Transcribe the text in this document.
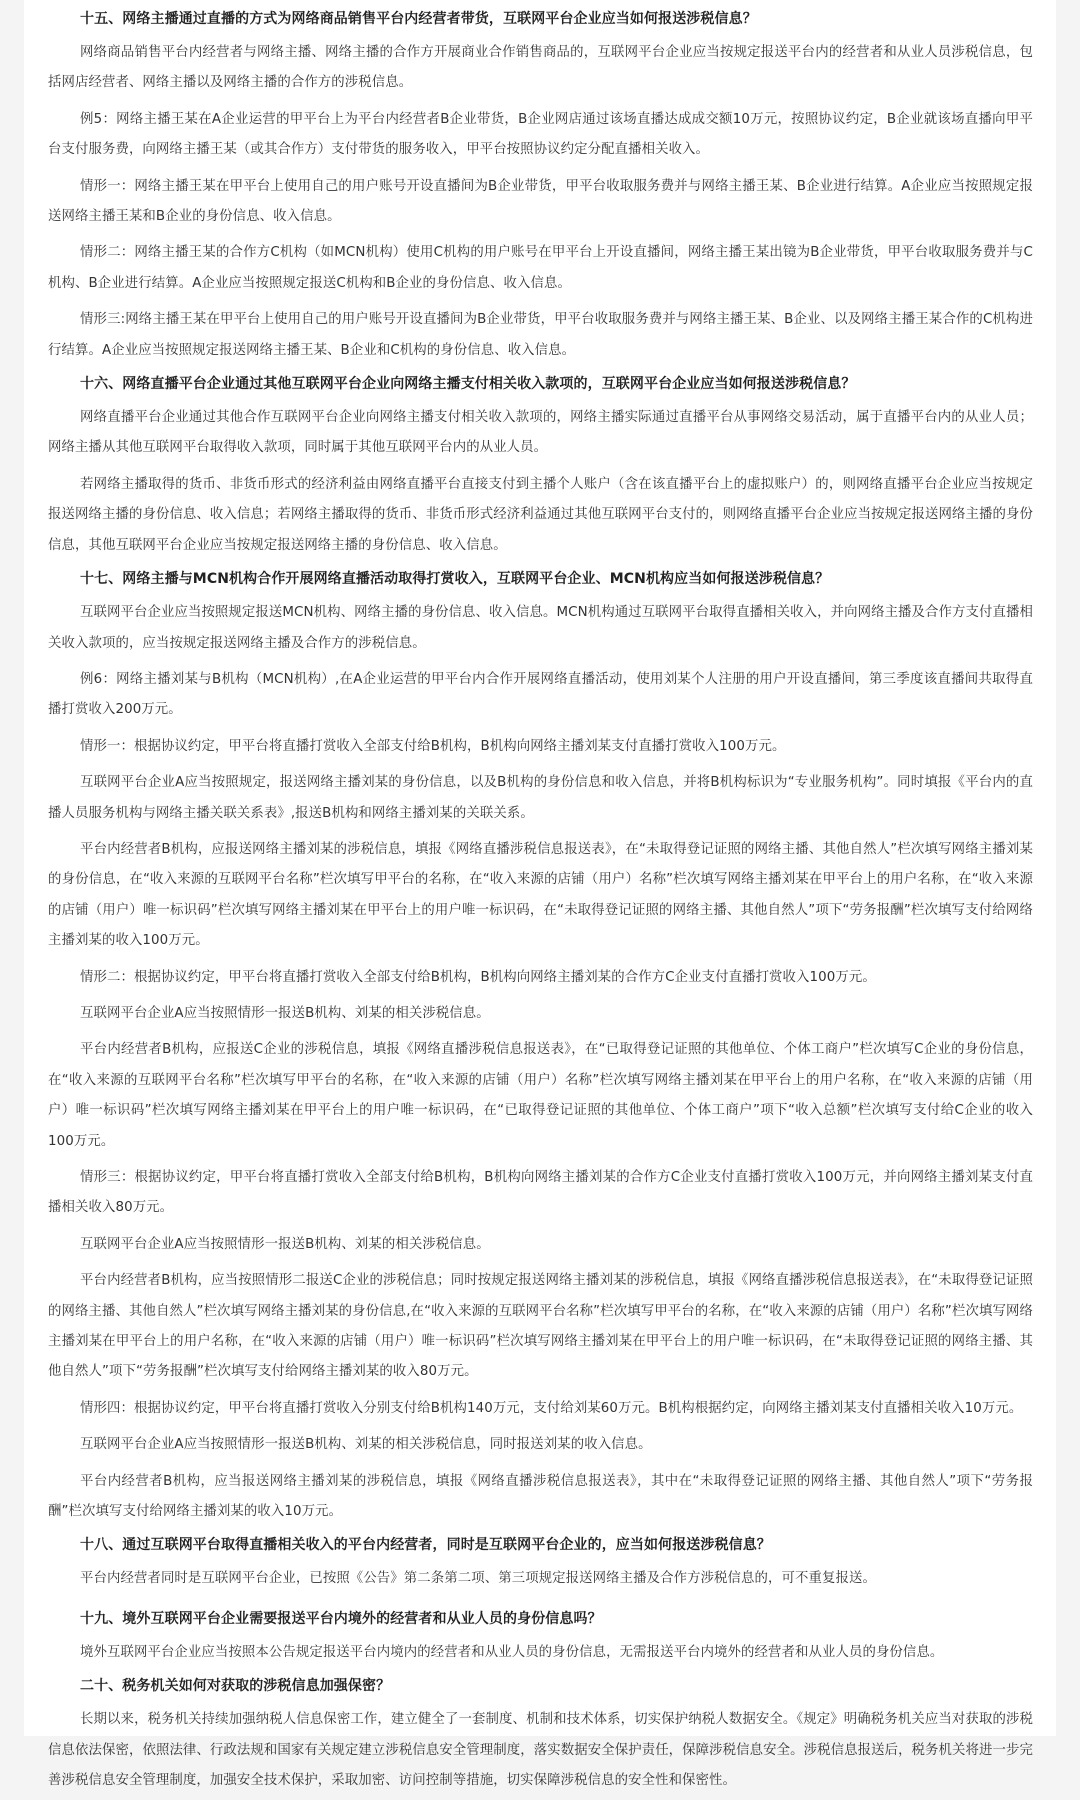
十五、网络主播通过直播的方式为网络商品销售平台内经营者带货，互联网平台企业应当如何报送涉税信息？

网络商品销售平台内经营者与网络主播、网络主播的合作方开展商业合作销售商品的，互联网平台企业应当按规定报送平台内的经营者和从业人员涉税信息，包括网店经营者、网络主播以及网络主播的合作方的涉税信息。

例5：网络主播王某在A企业运营的甲平台上为平台内经营者B企业带货，B企业网店通过该场直播达成成交额10万元，按照协议约定，B企业就该场直播向甲平台支付服务费，向网络主播王某（或其合作方）支付带货的服务收入，甲平台按照协议约定分配直播相关收入。

情形一：网络主播王某在甲平台上使用自己的用户账号开设直播间为B企业带货，甲平台收取服务费并与网络主播王某、B企业进行结算。A企业应当按照规定报送网络主播王某和B企业的身份信息、收入信息。

情形二：网络主播王某的合作方C机构（如MCN机构）使用C机构的用户账号在甲平台上开设直播间，网络主播王某出镜为B企业带货，甲平台收取服务费并与C机构、B企业进行结算。A企业应当按照规定报送C机构和B企业的身份信息、收入信息。

情形三:网络主播王某在甲平台上使用自己的用户账号开设直播间为B企业带货，甲平台收取服务费并与网络主播王某、B企业、以及网络主播王某合作的C机构进行结算。A企业应当按照规定报送网络主播王某、B企业和C机构的身份信息、收入信息。

十六、网络直播平台企业通过其他互联网平台企业向网络主播支付相关收入款项的，互联网平台企业应当如何报送涉税信息？

网络直播平台企业通过其他合作互联网平台企业向网络主播支付相关收入款项的，网络主播实际通过直播平台从事网络交易活动，属于直播平台内的从业人员；网络主播从其他互联网平台取得收入款项，同时属于其他互联网平台内的从业人员。

若网络主播取得的货币、非货币形式的经济利益由网络直播平台直接支付到主播个人账户（含在该直播平台上的虚拟账户）的，则网络直播平台企业应当按规定报送网络主播的身份信息、收入信息；若网络主播取得的货币、非货币形式经济利益通过其他互联网平台支付的，则网络直播平台企业应当按规定报送网络主播的身份信息，其他互联网平台企业应当按规定报送网络主播的身份信息、收入信息。

十七、网络主播与MCN机构合作开展网络直播活动取得打赏收入，互联网平台企业、MCN机构应当如何报送涉税信息？

互联网平台企业应当按照规定报送MCN机构、网络主播的身份信息、收入信息。MCN机构通过互联网平台取得直播相关收入，并向网络主播及合作方支付直播相关收入款项的，应当按规定报送网络主播及合作方的涉税信息。

例6：网络主播刘某与B机构（MCN机构）,在A企业运营的甲平台内合作开展网络直播活动，使用刘某个人注册的用户开设直播间，第三季度该直播间共取得直播打赏收入200万元。

情形一：根据协议约定，甲平台将直播打赏收入全部支付给B机构，B机构向网络主播刘某支付直播打赏收入100万元。

互联网平台企业A应当按照规定，报送网络主播刘某的身份信息，以及B机构的身份信息和收入信息，并将B机构标识为“专业服务机构”。同时填报《平台内的直播人员服务机构与网络主播关联关系表》,报送B机构和网络主播刘某的关联关系。

平台内经营者B机构，应报送网络主播刘某的涉税信息，填报《网络直播涉税信息报送表》，在“未取得登记证照的网络主播、其他自然人”栏次填写网络主播刘某的身份信息，在“收入来源的互联网平台名称”栏次填写甲平台的名称，在“收入来源的店铺（用户）名称”栏次填写网络主播刘某在甲平台上的用户名称，在“收入来源的店铺（用户）唯一标识码”栏次填写网络主播刘某在甲平台上的用户唯一标识码，在“未取得登记证照的网络主播、其他自然人”项下“劳务报酬”栏次填写支付给网络主播刘某的收入100万元。

情形二：根据协议约定，甲平台将直播打赏收入全部支付给B机构，B机构向网络主播刘某的合作方C企业支付直播打赏收入100万元。

互联网平台企业A应当按照情形一报送B机构、刘某的相关涉税信息。

平台内经营者B机构，应报送C企业的涉税信息，填报《网络直播涉税信息报送表》，在“已取得登记证照的其他单位、个体工商户”栏次填写C企业的身份信息，在“收入来源的互联网平台名称”栏次填写甲平台的名称，在“收入来源的店铺（用户）名称”栏次填写网络主播刘某在甲平台上的用户名称，在“收入来源的店铺（用户）唯一标识码”栏次填写网络主播刘某在甲平台上的用户唯一标识码，在“已取得登记证照的其他单位、个体工商户”项下“收入总额”栏次填写支付给C企业的收入100万元。

情形三：根据协议约定，甲平台将直播打赏收入全部支付给B机构，B机构向网络主播刘某的合作方C企业支付直播打赏收入100万元，并向网络主播刘某支付直播相关收入80万元。

互联网平台企业A应当按照情形一报送B机构、刘某的相关涉税信息。

平台内经营者B机构，应当按照情形二报送C企业的涉税信息；同时按规定报送网络主播刘某的涉税信息，填报《网络直播涉税信息报送表》，在“未取得登记证照的网络主播、其他自然人”栏次填写网络主播刘某的身份信息,在“收入来源的互联网平台名称”栏次填写甲平台的名称，在“收入来源的店铺（用户）名称”栏次填写网络主播刘某在甲平台上的用户名称，在“收入来源的店铺（用户）唯一标识码”栏次填写网络主播刘某在甲平台上的用户唯一标识码，在“未取得登记证照的网络主播、其他自然人”项下“劳务报酬”栏次填写支付给网络主播刘某的收入80万元。

情形四：根据协议约定，甲平台将直播打赏收入分别支付给B机构140万元，支付给刘某60万元。B机构根据约定，向网络主播刘某支付直播相关收入10万元。

互联网平台企业A应当按照情形一报送B机构、刘某的相关涉税信息，同时报送刘某的收入信息。

平台内经营者B机构，应当报送网络主播刘某的涉税信息，填报《网络直播涉税信息报送表》，其中在“未取得登记证照的网络主播、其他自然人”项下“劳务报酬”栏次填写支付给网络主播刘某的收入10万元。

十八、通过互联网平台取得直播相关收入的平台内经营者，同时是互联网平台企业的，应当如何报送涉税信息？

平台内经营者同时是互联网平台企业，已按照《公告》第二条第二项、第三项规定报送网络主播及合作方涉税信息的，可不重复报送。

十九、境外互联网平台企业需要报送平台内境外的经营者和从业人员的身份信息吗？

境外互联网平台企业应当按照本公告规定报送平台内境内的经营者和从业人员的身份信息，无需报送平台内境外的经营者和从业人员的身份信息。

二十、税务机关如何对获取的涉税信息加强保密？

长期以来，税务机关持续加强纳税人信息保密工作，建立健全了一套制度、机制和技术体系，切实保护纳税人数据安全。《规定》明确税务机关应当对获取的涉税信息依法保密，依照法律、行政法规和国家有关规定建立涉税信息安全管理制度，落实数据安全保护责任，保障涉税信息安全。涉税信息报送后，税务机关将进一步完善涉税信息安全管理制度，加强安全技术保护，采取加密、访问控制等措施，切实保障涉税信息的安全性和保密性。
